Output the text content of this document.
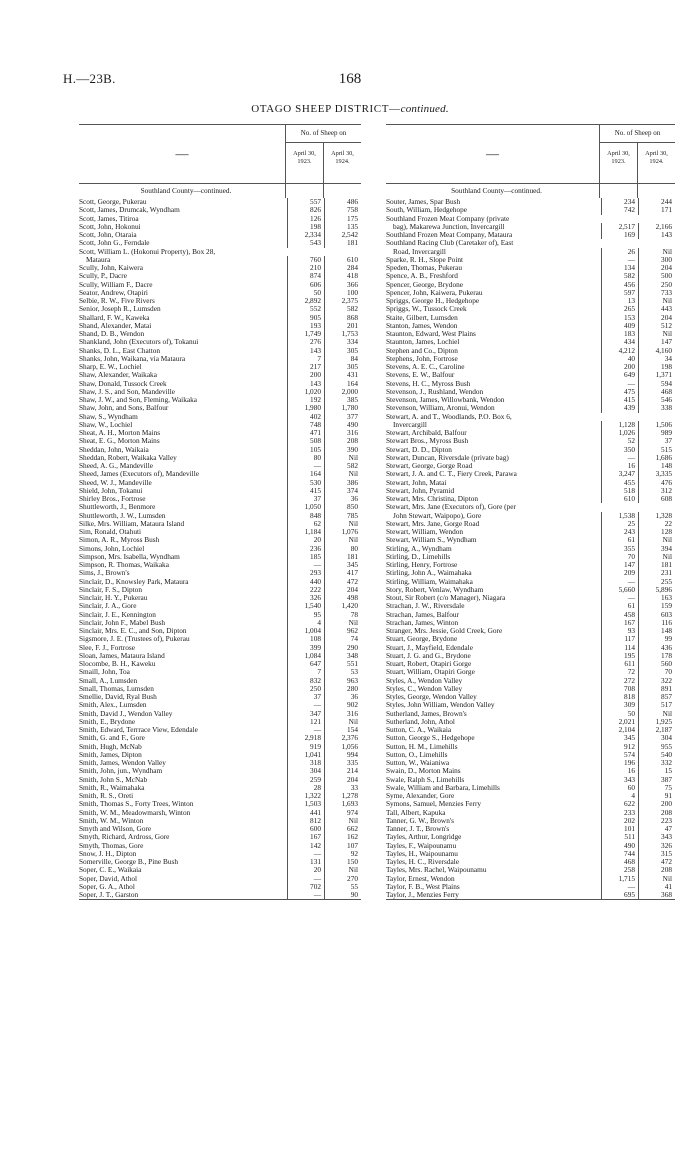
H.—23B.	168
OTAGO SHEEP DISTRICT—continued.
—
No. of Sheep on
April 30, 1923.
April 30, 1924.
Southland County—continued.
Scott, George, Pukerau	557	486
Scott, James, Drumcak, Wyndham	826	758
Scott, James, Titiroa	126	175
Scott, John, Hokonui	198	135
Scott, John, Otaraia	2,334	2,542
Scott, John G., Ferndale	543	181
Scott, William L. (Hokonui Property), Box 28,
Mataura	760	610
Scully, John, Kaiwera	210	284
Scully, P., Dacre	874	418
Scully, William F., Dacre	606	366
Seator, Andrew, Otapiri	50	100
Selbie, R. W., Five Rivers	2,892	2,375
Senior, Joseph R., Lumsden	552	582
Shallard, F. W., Kaweka	905	868
Shand, Alexander, Matai	193	201
Shand, D. B., Wendon	1,749	1,753
Shankland, John (Executors of), Tokanui	276	334
Shanks, D. L., East Chatton	143	305
Shanks, John, Waikana, via Mataura	7	84
Sharp, E. W., Lochiel	217	305
Shaw, Alexander, Waikaka	200	431
Shaw, Donald, Tussock Creek	143	164
Shaw, J. S., and Son, Mandeville	1,020	2,000
Shaw, J. W., and Son, Fleming, Waikaka	192	385
Shaw, John, and Sons, Balfour	1,980	1,780
Shaw, S., Wyndham	402	377
Shaw, W., Lochiel	748	490
Sheat, A. H., Morton Mains	471	316
Sheat, E. G., Morton Mains	508	208
Sheddan, John, Waikaia	105	390
Sheddan, Robert, Waikaka Valley	80	Nil
Sheed, A. G., Mandeville	—	582
Sheed, James (Executors of), Mandeville	164	Nil
Sheed, W. J., Mandeville	530	386
Shield, John, Tokanui	415	374
Shirley Bros., Fortrose	37	36
Shuttleworth, J., Benmore	1,050	850
Shuttleworth, J. W., Lumsden	848	785
Silke, Mrs. William, Mataura Island	62	Nil
Sim, Ronald, Otahuti	1,184	1,076
Simon, A. R., Myross Bush	20	Nil
Simons, John, Lochiel	236	80
Simpson, Mrs. Isabella, Wyndham	185	181
Simpson, R. Thomas, Waikaka	—	345
Sims, J., Brown's	293	417
Sinclair, D., Knowsley Park, Mataura	440	472
Sinclair, F. S., Dipton	222	204
Sinclair, H. Y., Pukerau	326	498
Sinclair, J. A., Gore	1,540	1,420
Sinclair, J. E., Kennington	95	78
Sinclair, John F., Mabel Bush	4	Nil
Sinclair, Mrs. E. C., and Son, Dipton	1,004	962
Sigsmore, J. E. (Trustees of), Pukerau	108	74
Slee, F. J., Fortrose	399	290
Sloan, James, Mataura Island	1,084	348
Slocombe, B. H., Kaweku	647	551
Smaill, John, Toa	7	53
Small, A., Lumsden	832	963
Small, Thomas, Lumsden	250	280
Smellie, David, Ryal Bush	37	36
Smith, Alex., Lumsden	—	902
Smith, David J., Wendon Valley	347	316
Smith, E., Brydone	121	Nil
Smith, Edward, Terrrace View, Edendale	—	154
Smith, G. and F., Gore	2,918	2,376
Smith, Hugh, McNab	919	1,056
Smith, James, Dipton	1,041	994
Smith, James, Wendon Valley	318	335
Smith, John, jun., Wyndham	304	214
Smith, John S., McNab	259	204
Smith, R., Waimahaka	28	33
Smith, R. S., Oreti	1,322	1,278
Smith, Thomas S., Forty Trees, Winton	1,503	1,693
Smith, W. M., Meadowmarsh, Winton	441	974
Smith, W. M., Winton	812	Nil
Smyth and Wilson, Gore	600	662
Smyth, Richard, Ardross, Gore	167	162
Smyth, Thomas, Gore	142	107
Snow, J. H., Dipton	—	92
Somerville, George B., Pine Bush	131	150
Soper, C. E., Waikaia	20	Nil
Soper, David, Athol	—	270
Soper, G. A., Athol	702	55
Soper, J. T., Garston	—	90
—
No. of Sheep on
April 30, 1923.
April 30, 1924.
Southland County—continued.
Souter, James, Spar Bush	234	244
South, William, Hedgehope	742	171
Southland Frozen Meat Company (private
bag), Makarewa Junction, Invercargill	2,517	2,166
Southland Frozen Meat Company, Mataura	169	143
Southland Racing Club (Caretaker of), East
Road, Invercargill	26	Nil
Sparke, R. H., Slope Point	—	300
Speden, Thomas, Pukerau	134	204
Spence, A. B., Freshford	582	500
Spencer, George, Brydone	456	250
Spencer, John, Kaiwera, Pukerau	597	733
Spriggs, George H., Hedgehope	13	Nil
Spriggs, W., Tussock Creek	265	443
Staite, Gilbert, Lumsden	153	204
Stanton, James, Wendon	409	512
Staunton, Edward, West Plains	183	Nil
Staunton, James, Lochiel	434	147
Stephen and Co., Dipton	4,212	4,160
Stephens, John, Fortrose	40	34
Stevens, A. E. C., Caroline	200	198
Stevens, E. W., Balfour	649	1,371
Stevens, H. C., Myross Bush	—	594
Stevenson, J., Rushland, Wendon	475	468
Stevenson, James, Willowbank, Wendon	415	546
Stevenson, William, Aronui, Wendon	439	338
Stewart, A. and T., Woodlands, P.O. Box 6,
Invercargill	1,128	1,506
Stewart, Archibald, Balfour	1,026	989
Stewart Bros., Myross Bush	52	37
Stewart, D. D., Dipton	350	515
Stewart, Duncan, Riversdale (private bag)	—	1,686
Stewart, George, Gorge Road	16	148
Stewart, J. A. and C. T., Fiery Creek, Parawa	3,247	3,335
Stewart, John, Matai	455	476
Stewart, John, Pyramid	518	312
Stewart, Mrs. Christina, Dipton	610	608
Stewart, Mrs. Jane (Executors of), Gore (per
John Stewart, Waipopo), Gore	1,538	1,328
Stewart, Mrs. Jane, Gorge Road	25	22
Stewart, William, Wendon	243	128
Stewart, William S., Wyndham	61	Nil
Stirling, A., Wyndham	355	394
Stirling, D., Limehills	70	Nil
Stirling, Henry, Fortrose	147	181
Stirling, John A., Waimahaka	209	231
Stirling, William, Waimahaka	—	255
Story, Robert, Venlaw, Wyndham	5,660	5,896
Stout, Sir Robert (c/o Manager), Niagara	—	163
Strachan, J. W., Riversdale	61	159
Strachan, James, Balfour	458	603
Strachan, James, Winton	167	116
Stranger, Mrs. Jessie, Gold Creek, Gore	93	148
Stuart, George, Brydone	117	99
Stuart, J., Mayfield, Edendale	114	436
Stuart, J. G. and G., Brydone	195	178
Stuart, Robert, Otapiri Gorge	611	560
Stuart, William, Otapiri Gorge	72	70
Styles, A., Wendon Valley	272	322
Styles, C., Wendon Valley	708	891
Styles, George, Wendon Valley	818	857
Styles, John William, Wendon Valley	309	517
Sutherland, James, Brown's	50	Nil
Sutherland, John, Athol	2,021	1,925
Sutton, C. A., Waikaia	2,104	2,187
Sutton, George S., Hedgehope	345	304
Sutton, H. M., Limehills	912	955
Sutton, O., Limehills	574	540
Sutton, W., Waianiwa	196	332
Swain, D., Morton Mains	16	15
Swale, Ralph S., Limehills	343	387
Swale, William and Barbara, Limehills	60	75
Syme, Alexander, Gore	4	91
Symons, Samuel, Menzies Ferry	622	200
Tall, Albert, Kapuka	233	208
Tanner, G. W., Brown's	202	223
Tanner, J. T., Brown's	101	47
Tayles, Arthur, Longridge	511	343
Tayles, F., Waipounamu	490	326
Tayles, H., Waipounamu	744	315
Tayles, H. C., Riversdale	468	472
Tayles, Mrs. Rachel, Waipounamu	258	208
Taylor, Ernest, Wendon	1,715	Nil
Taylor, F. B., West Plains	—	41
Taylor, J., Menzies Ferry	695	368
